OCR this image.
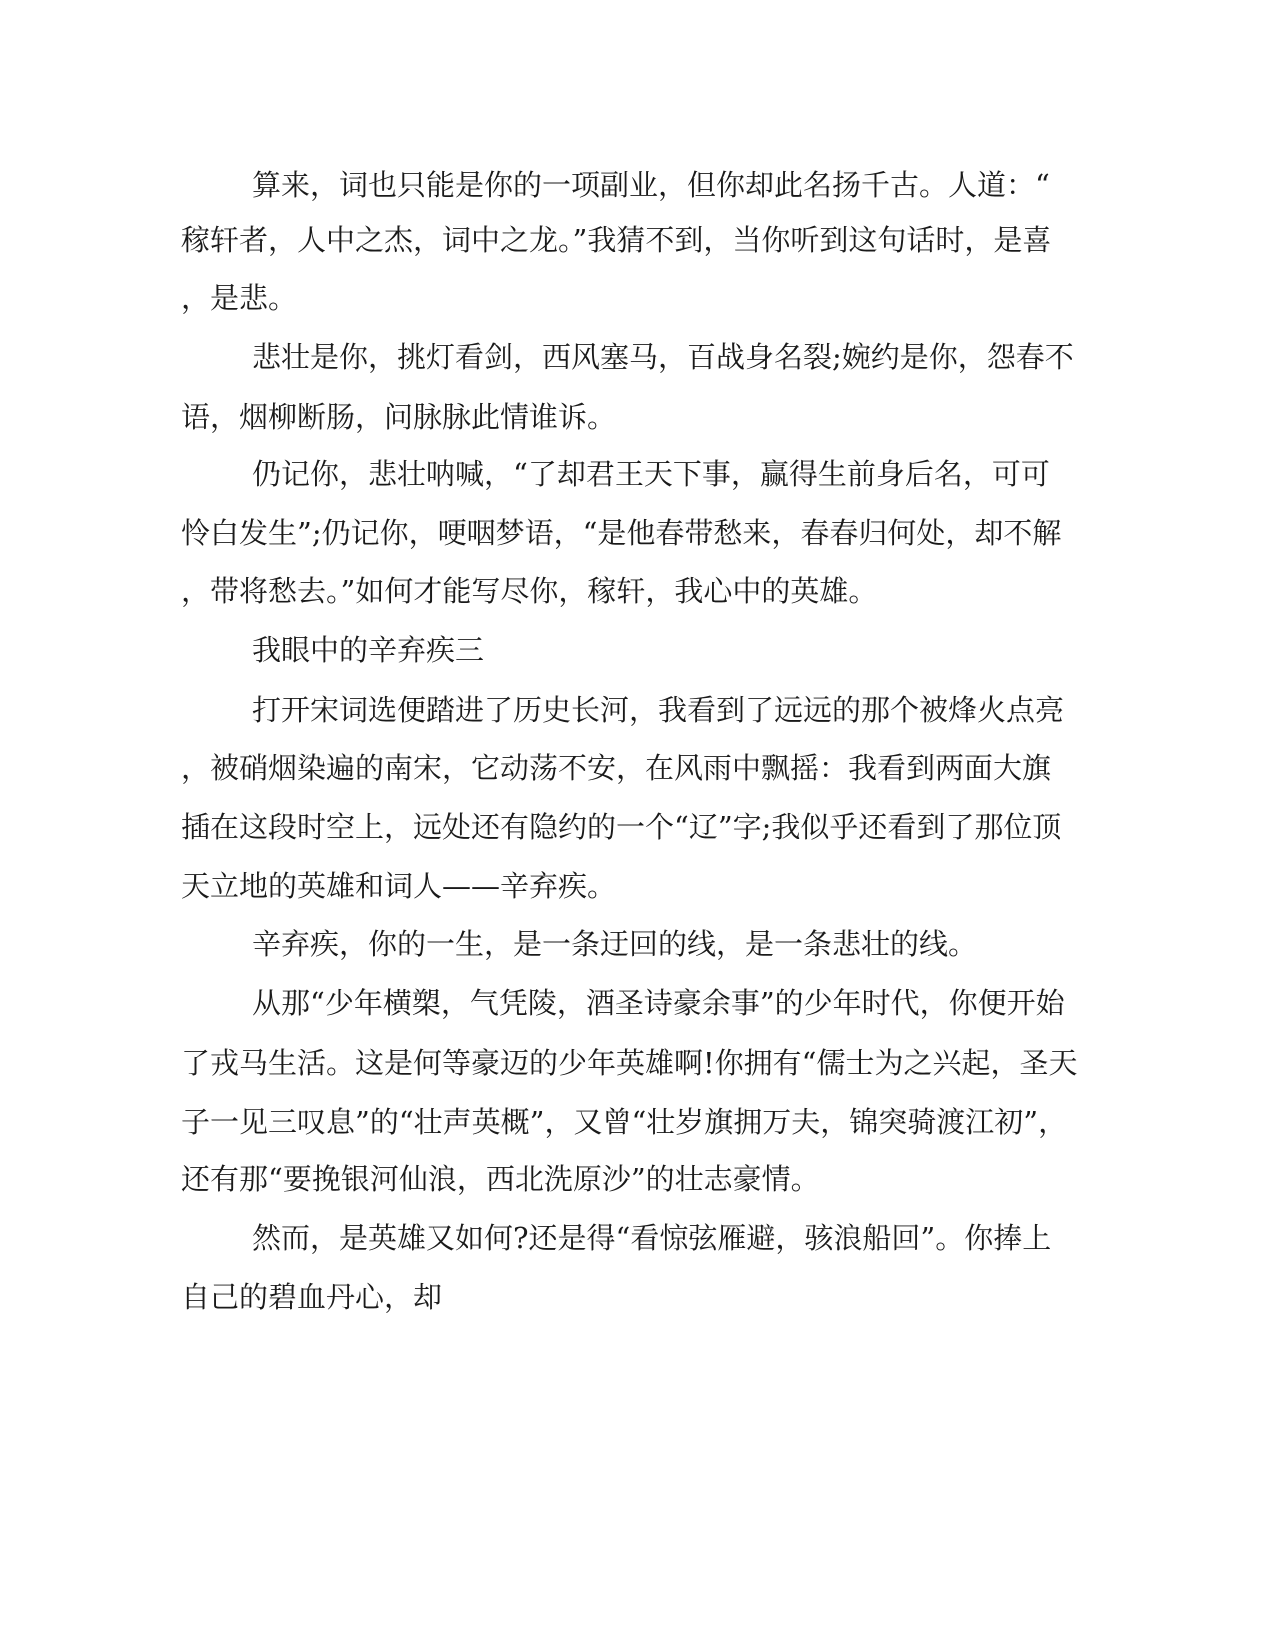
算来，词也只能是你的一项副业，但你却此名扬千古。人道：“
稼轩者，人中之杰，词中之龙。”我猜不到，当你听到这句话时，是喜
，是悲。
悲壮是你，挑灯看剑，西风塞马，百战身名裂;婉约是你，怨春不
语，烟柳断肠，问脉脉此情谁诉。
仍记你，悲壮呐喊，“了却君王天下事，赢得生前身后名，可可
怜白发生”;仍记你，哽咽梦语，“是他春带愁来，春春归何处，却不解
，带将愁去。”如何才能写尽你，稼轩，我心中的英雄。
我眼中的辛弃疾三
打开宋词选便踏进了历史长河，我看到了远远的那个被烽火点亮
，被硝烟染遍的南宋，它动荡不安，在风雨中飘摇：我看到两面大旗
插在这段时空上，远处还有隐约的一个“辽”字;我似乎还看到了那位顶
天立地的英雄和词人——辛弃疾。
辛弃疾，你的一生，是一条迂回的线，是一条悲壮的线。
从那“少年横槊，气凭陵，酒圣诗豪余事”的少年时代，你便开始
了戎马生活。这是何等豪迈的少年英雄啊!你拥有“儒士为之兴起，圣天
子一见三叹息”的“壮声英概”，又曾“壮岁旗拥万夫，锦突骑渡江初”，
还有那“要挽银河仙浪，西北洗原沙”的壮志豪情。
然而，是英雄又如何?还是得“看惊弦雁避，骇浪船回”。你捧上
自己的碧血丹心，却
